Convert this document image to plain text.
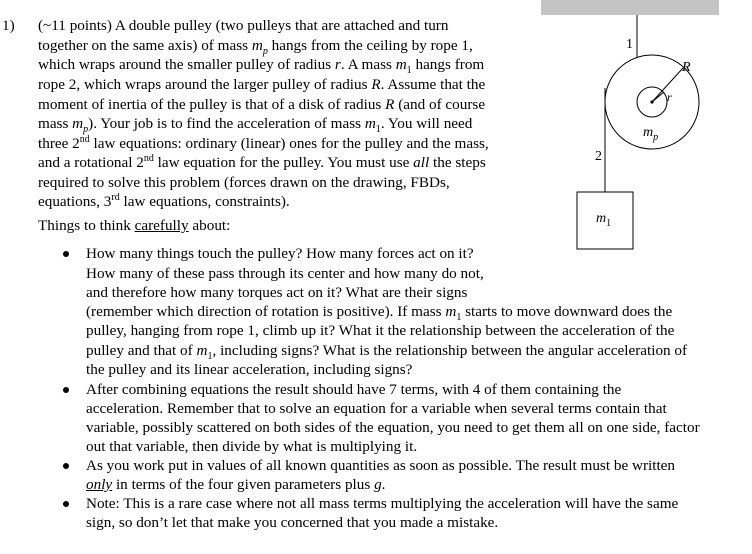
1) (~11 points) A double pulley (two pulleys that are attached and turn
together on the same axis) of mass $m_p$ hangs from the ceiling by rope 1,
which wraps around the smaller pulley of radius r. A mass $m_1$ hangs from
rope 2, which wraps around the larger pulley of radius R. Assume that the
moment of inertia of the pulley is that of a disk of radius R (and of course
mass $m_p$). Your job is to find the acceleration of mass $m_1$. You will need
three 2nd law equations: ordinary (linear) ones for the pulley and the mass,
and a rotational 2nd law equation for the pulley. You must use all the steps
required to solve this problem (forces drawn on the drawing, FBDs,
equations, 3rd law equations, constraints).
Things to think carefully about:
How many things touch the pulley? How many forces act on it?
How many of these pass through its center and how many do not,
and therefore how many torques act on it? What are their signs
(remember which direction of rotation is positive). If mass $m_1$ starts to move downward does the
pulley, hanging from rope 1, climb up it? What it the relationship between the acceleration of the
pulley and that of $m_1$, including signs? What is the relationship between the angular acceleration of
the pulley and its linear acceleration, including signs?
After combining equations the result should have 7 terms, with 4 of them containing the
acceleration. Remember that to solve an equation for a variable when several terms contain that
variable, possibly scattered on both sides of the equation, you need to get them all on one side, factor
out that variable, then divide by what is multiplying it.
As you work put in values of all known quantities as soon as possible. The result must be written
only in terms of the four given parameters plus g.
Note: This is a rare case where not all mass terms multiplying the acceleration will have the same
sign, so don’t let that make you concerned that you made a mistake.
1
2
R
r
$m_p$
$m_1$
